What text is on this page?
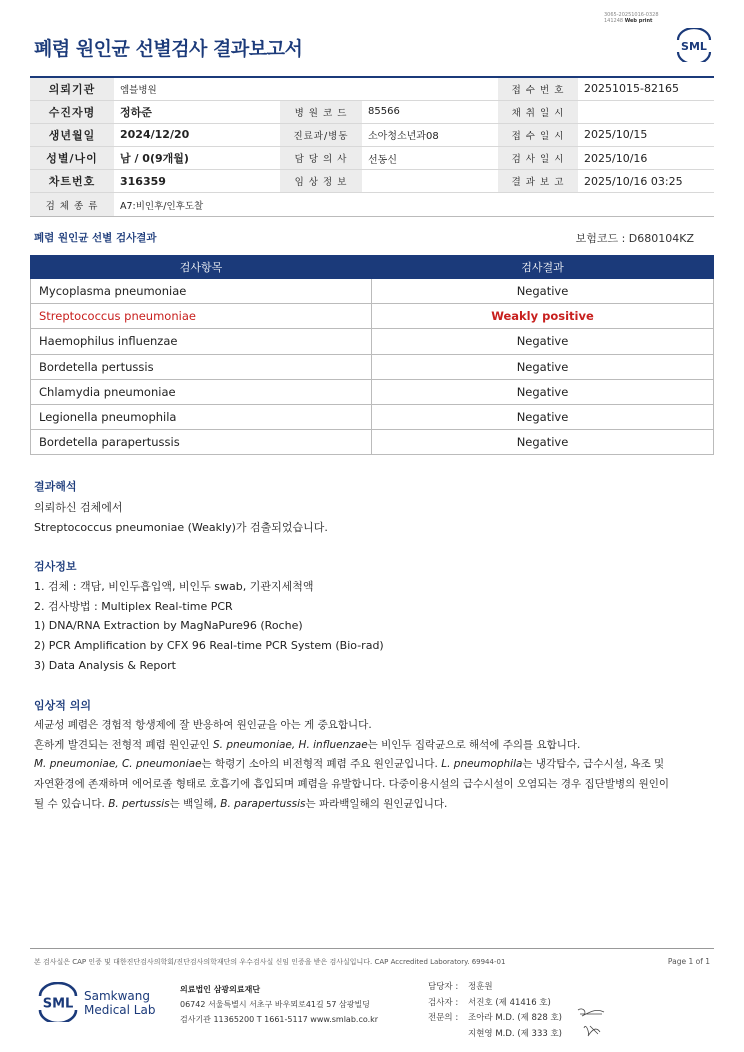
3065-20251016-0328
141248 Web print
폐렴 원인균 선별검사 결과보고서	SML
의뢰기관	엠블병원			접 수 번 호	20251015-82165
수진자명	정하준	병 원 코 드	85566	채 취 일 시	
생년월일	2024/12/20	진료과/병동	소아청소년과08	접 수 일 시	2025/10/15
성별/나이	남 / 0(9개월)	담 당 의 사	선동신	검 사 일 시	2025/10/16
차트번호	316359	임 상 정 보		결 과 보 고	2025/10/16 03:25
검 체 종 류	A7:비인후/인후도찰				
폐렴 원인균 선별 검사결과	보험코드 : D680104KZ
검사항목	검사결과
Mycoplasma pneumoniae	Negative
Streptococcus pneumoniae	Weakly positive
Haemophilus influenzae	Negative
Bordetella pertussis	Negative
Chlamydia pneumoniae	Negative
Legionella pneumophila	Negative
Bordetella parapertussis	Negative
결과해석
의뢰하신 검체에서
Streptococcus pneumoniae (Weakly)가 검출되었습니다.
검사정보
1. 검체 : 객담, 비인두흡입액, 비인두 swab, 기관지세척액
2. 검사방법 : Multiplex Real-time PCR
1) DNA/RNA Extraction by MagNaPure96 (Roche)
2) PCR Amplification by CFX 96 Real-time PCR System (Bio-rad)
3) Data Analysis & Report
임상적 의의
세균성 폐렴은 경험적 항생제에 잘 반응하여 원인균을 아는 게 중요합니다.
흔하게 발견되는 전형적 폐렴 원인균인 S. pneumoniae, H. influenzae는 비인두 집락균으로 해석에 주의를 요합니다.
M. pneumoniae, C. pneumoniae는 학령기 소아의 비전형적 폐렴 주요 원인균입니다. L. pneumophila는 냉각탑수, 급수시설, 욕조 및
자연환경에 존재하며 에어로졸 형태로 호흡기에 흡입되며 폐렴을 유발합니다. 다중이용시설의 급수시설이 오염되는 경우 집단발병의 원인이
될 수 있습니다. B. pertussis는 백일해, B. parapertussis는 파라백일해의 원인균입니다.
본 검사실은 CAP 인증 및 대한진단검사의학회/진단검사의학재단의 우수검사실 신임 인증을 받은 검사실입니다. CAP Accredited Laboratory. 69944-01	Page 1 of 1
SML
Samkwang
Medical Lab
의료법인 삼광의료재단
06742 서울특별시 서초구 바우뫼로41길 57 삼광빌딩
검사기관 11365200 T 1661-5117 www.smlab.co.kr
담당자 : 정훈원
검사자 : 서진호 (제 41416 호)
전문의 : 조아라 M.D. (제 828 호)
지현영 M.D. (제 333 호)
